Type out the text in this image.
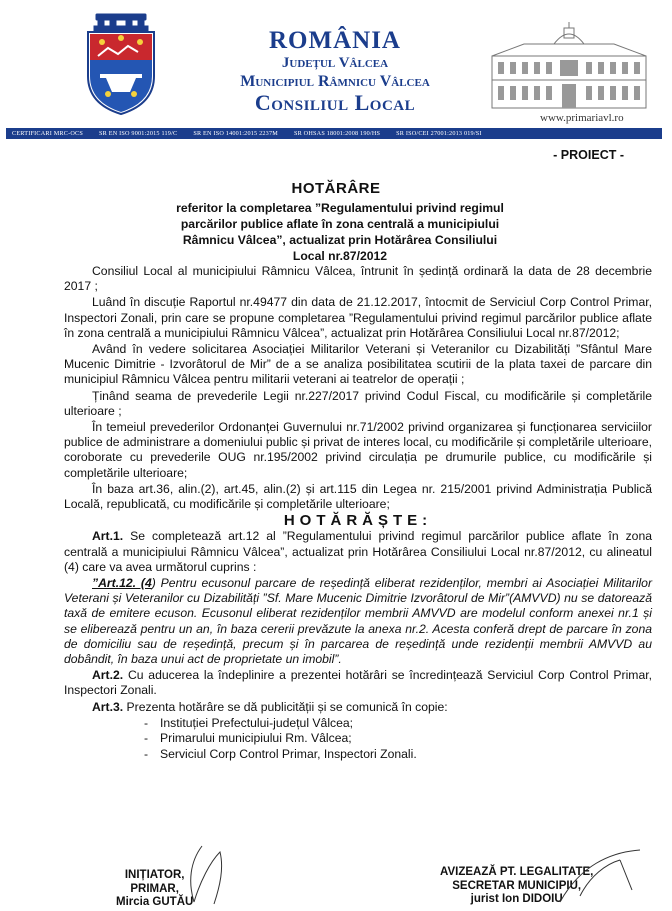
ROMÂNIA
Județul Vâlcea
Municipiul Râmnicu Vâlcea
Consiliul Local
www.primariavl.ro
CERTIFICARI MRC-OCS	SR EN ISO 9001:2015 119/C	SR EN ISO 14001:2015 2237M	SR OHSAS 18001:2008 190/HS	SR ISO/CEI 27001:2013 019/SI
- PROIECT -
HOTĂRÂRE
referitor la completarea ”Regulamentului privind regimul parcărilor publice aflate în zona centrală a municipiului Râmnicu Vâlcea”, actualizat prin Hotărârea Consiliului Local nr.87/2012

Consiliul Local al municipiului Râmnicu Vâlcea, întrunit în ședință ordinară la data de 28 decembrie 2017 ;

Luând în discuție Raportul nr.49477 din data de 21.12.2017, întocmit de Serviciul Corp Control Primar, Inspectori Zonali, prin care se propune completarea ”Regulamentului privind regimul parcărilor publice aflate în zona centrală a municipiului Râmnicu Vâlcea”, actualizat prin Hotărârea Consiliului Local nr.87/2012;

Având în vedere solicitarea Asociației Militarilor Veterani și Veteranilor cu Dizabilități ”Sfântul Mare Mucenic Dimitrie - Izvorâtorul de Mir” de a se analiza posibilitatea scutirii de la plata taxei de parcare din municipiul Râmnicu Vâlcea pentru militarii veterani ai teatrelor de operații ;

Ținând seama de prevederile Legii nr.227/2017 privind Codul Fiscal, cu modificările și completările ulterioare ;

În temeiul prevederilor Ordonanței Guvernului nr.71/2002 privind organizarea și funcționarea serviciilor publice de administrare a domeniului public și privat de interes local, cu modificările și completările ulterioare, coroborate cu prevederile OUG nr.195/2002 privind circulația pe drumurile publice, cu modificările și completările ulterioare;

În baza art.36, alin.(2), art.45, alin.(2) și art.115 din Legea nr. 215/2001 privind Administrația Publică Locală, republicată, cu modificările și completările ulterioare;

HOTĂRĂȘTE:

Art.1. Se completează art.12 al ”Regulamentului privind regimul parcărilor publice aflate în zona centrală a municipiului Râmnicu Vâlcea”, actualizat prin Hotărârea Consiliului Local nr.87/2012, cu alineatul (4) care va avea următorul cuprins :

”Art.12. (4) Pentru ecusonul parcare de reședință eliberat rezidenților, membri ai Asociației Militarilor Veterani și Veteranilor cu Dizabilități ”Sf. Mare Mucenic Dimitrie Izvorâtorul de Mir”(AMVVD) nu se datorează taxă de emitere ecuson. Ecusonul eliberat rezidenților membrii AMVVD are modelul conform anexei nr.1 și se eliberează pentru un an, în baza cererii prevăzute la anexa nr.2. Acesta conferă drept de parcare în zona de domiciliu sau de reședință, precum și în parcarea de reședință unde rezidenții membrii AMVVD au dobândit, în baza unui act de proprietate un imobil”.

Art.2. Cu aducerea la îndeplinire a prezentei hotărâri se încredințează Serviciul Corp Control Primar, Inspectori Zonali.

Art.3. Prezenta hotărâre se dă publicității și se comunică în copie:

- Instituției Prefectului-județul Vâlcea;
- Primarului municipiului Rm. Vâlcea;
- Serviciul Corp Control Primar, Inspectori Zonali.
INIȚIATOR,
PRIMAR,
Mircia GUTĂU
AVIZEAZĂ PT. LEGALITATE,
SECRETAR MUNICIPIU,
jurist Ion DIDOIU
